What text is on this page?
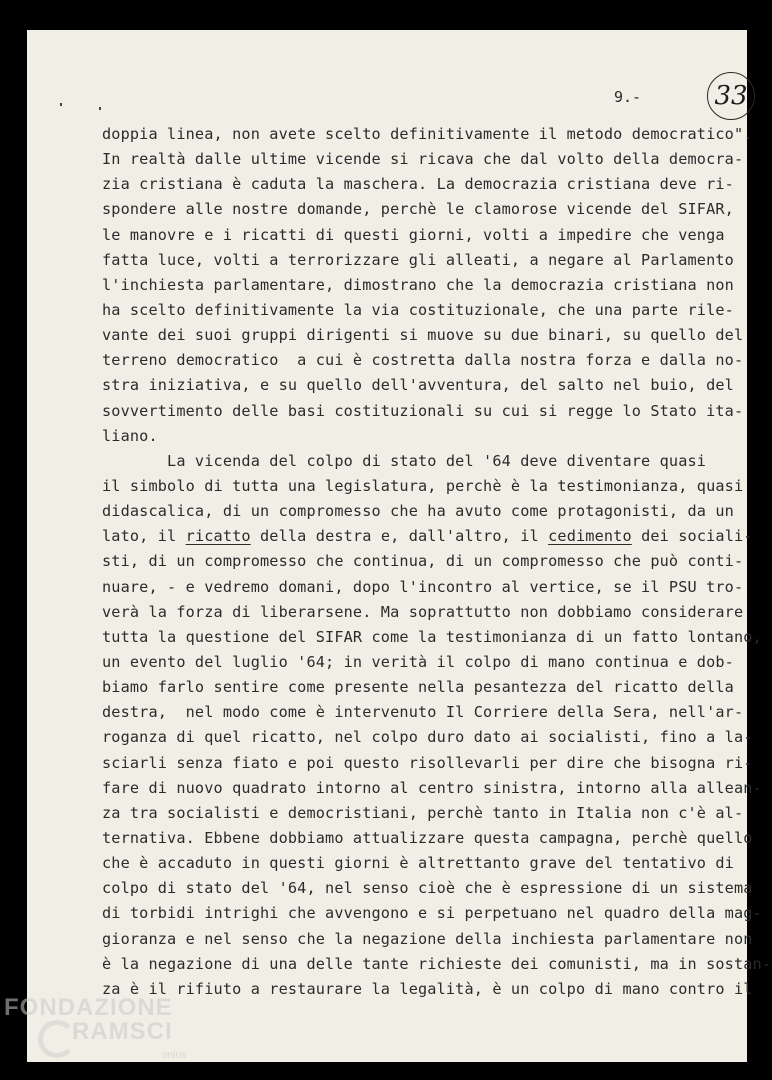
33
9.-
doppia linea, non avete scelto definitivamente il metodo democratico".
In realtà dalle ultime vicende si ricava che dal volto della democra-
zia cristiana è caduta la maschera. La democrazia cristiana deve ri-
spondere alle nostre domande, perchè le clamorose vicende del SIFAR,
le manovre e i ricatti di questi giorni, volti a impedire che venga
fatta luce, volti a terrorizzare gli alleati, a negare al Parlamento
l'inchiesta parlamentare, dimostrano che la democrazia cristiana non
ha scelto definitivamente la via costituzionale, che una parte rile-
vante dei suoi gruppi dirigenti si muove su due binari, su quello del
terreno democratico  a cui è costretta dalla nostra forza e dalla no-
stra iniziativa, e su quello dell'avventura, del salto nel buio, del
sovvertimento delle basi costituzionali su cui si regge lo Stato ita-
liano.
La vicenda del colpo di stato del '64 deve diventare quasi
il simbolo di tutta una legislatura, perchè è la testimonianza, quasi
didascalica, di un compromesso che ha avuto come protagonisti, da un
lato, il ricatto della destra e, dall'altro, il cedimento dei sociali-
sti, di un compromesso che continua, di un compromesso che può conti-
nuare, - e vedremo domani, dopo l'incontro al vertice, se il PSU tro-
verà la forza di liberarsene. Ma soprattutto non dobbiamo considerare
tutta la questione del SIFAR come la testimonianza di un fatto lontano,
un evento del luglio '64; in verità il colpo di mano continua e dob-
biamo farlo sentire come presente nella pesantezza del ricatto della
destra,  nel modo come è intervenuto Il Corriere della Sera, nell'ar-
roganza di quel ricatto, nel colpo duro dato ai socialisti, fino a la-
sciarli senza fiato e poi questo risollevarli per dire che bisogna ri-
fare di nuovo quadrato intorno al centro sinistra, intorno alla allean-
za tra socialisti e democristiani, perchè tanto in Italia non c'è al-
ternativa. Ebbene dobbiamo attualizzare questa campagna, perchè quello
che è accaduto in questi giorni è altrettanto grave del tentativo di
colpo di stato del '64, nel senso cioè che è espressione di un sistema
di torbidi intrighi che avvengono e si perpetuano nel quadro della mag-
gioranza e nel senso che la negazione della inchiesta parlamentare non
è la negazione di una delle tante richieste dei comunisti, ma in sostan-
za è il rifiuto a restaurare la legalità, è un colpo di mano contro il
FONDAZIONE
RAMSCI
onlus
